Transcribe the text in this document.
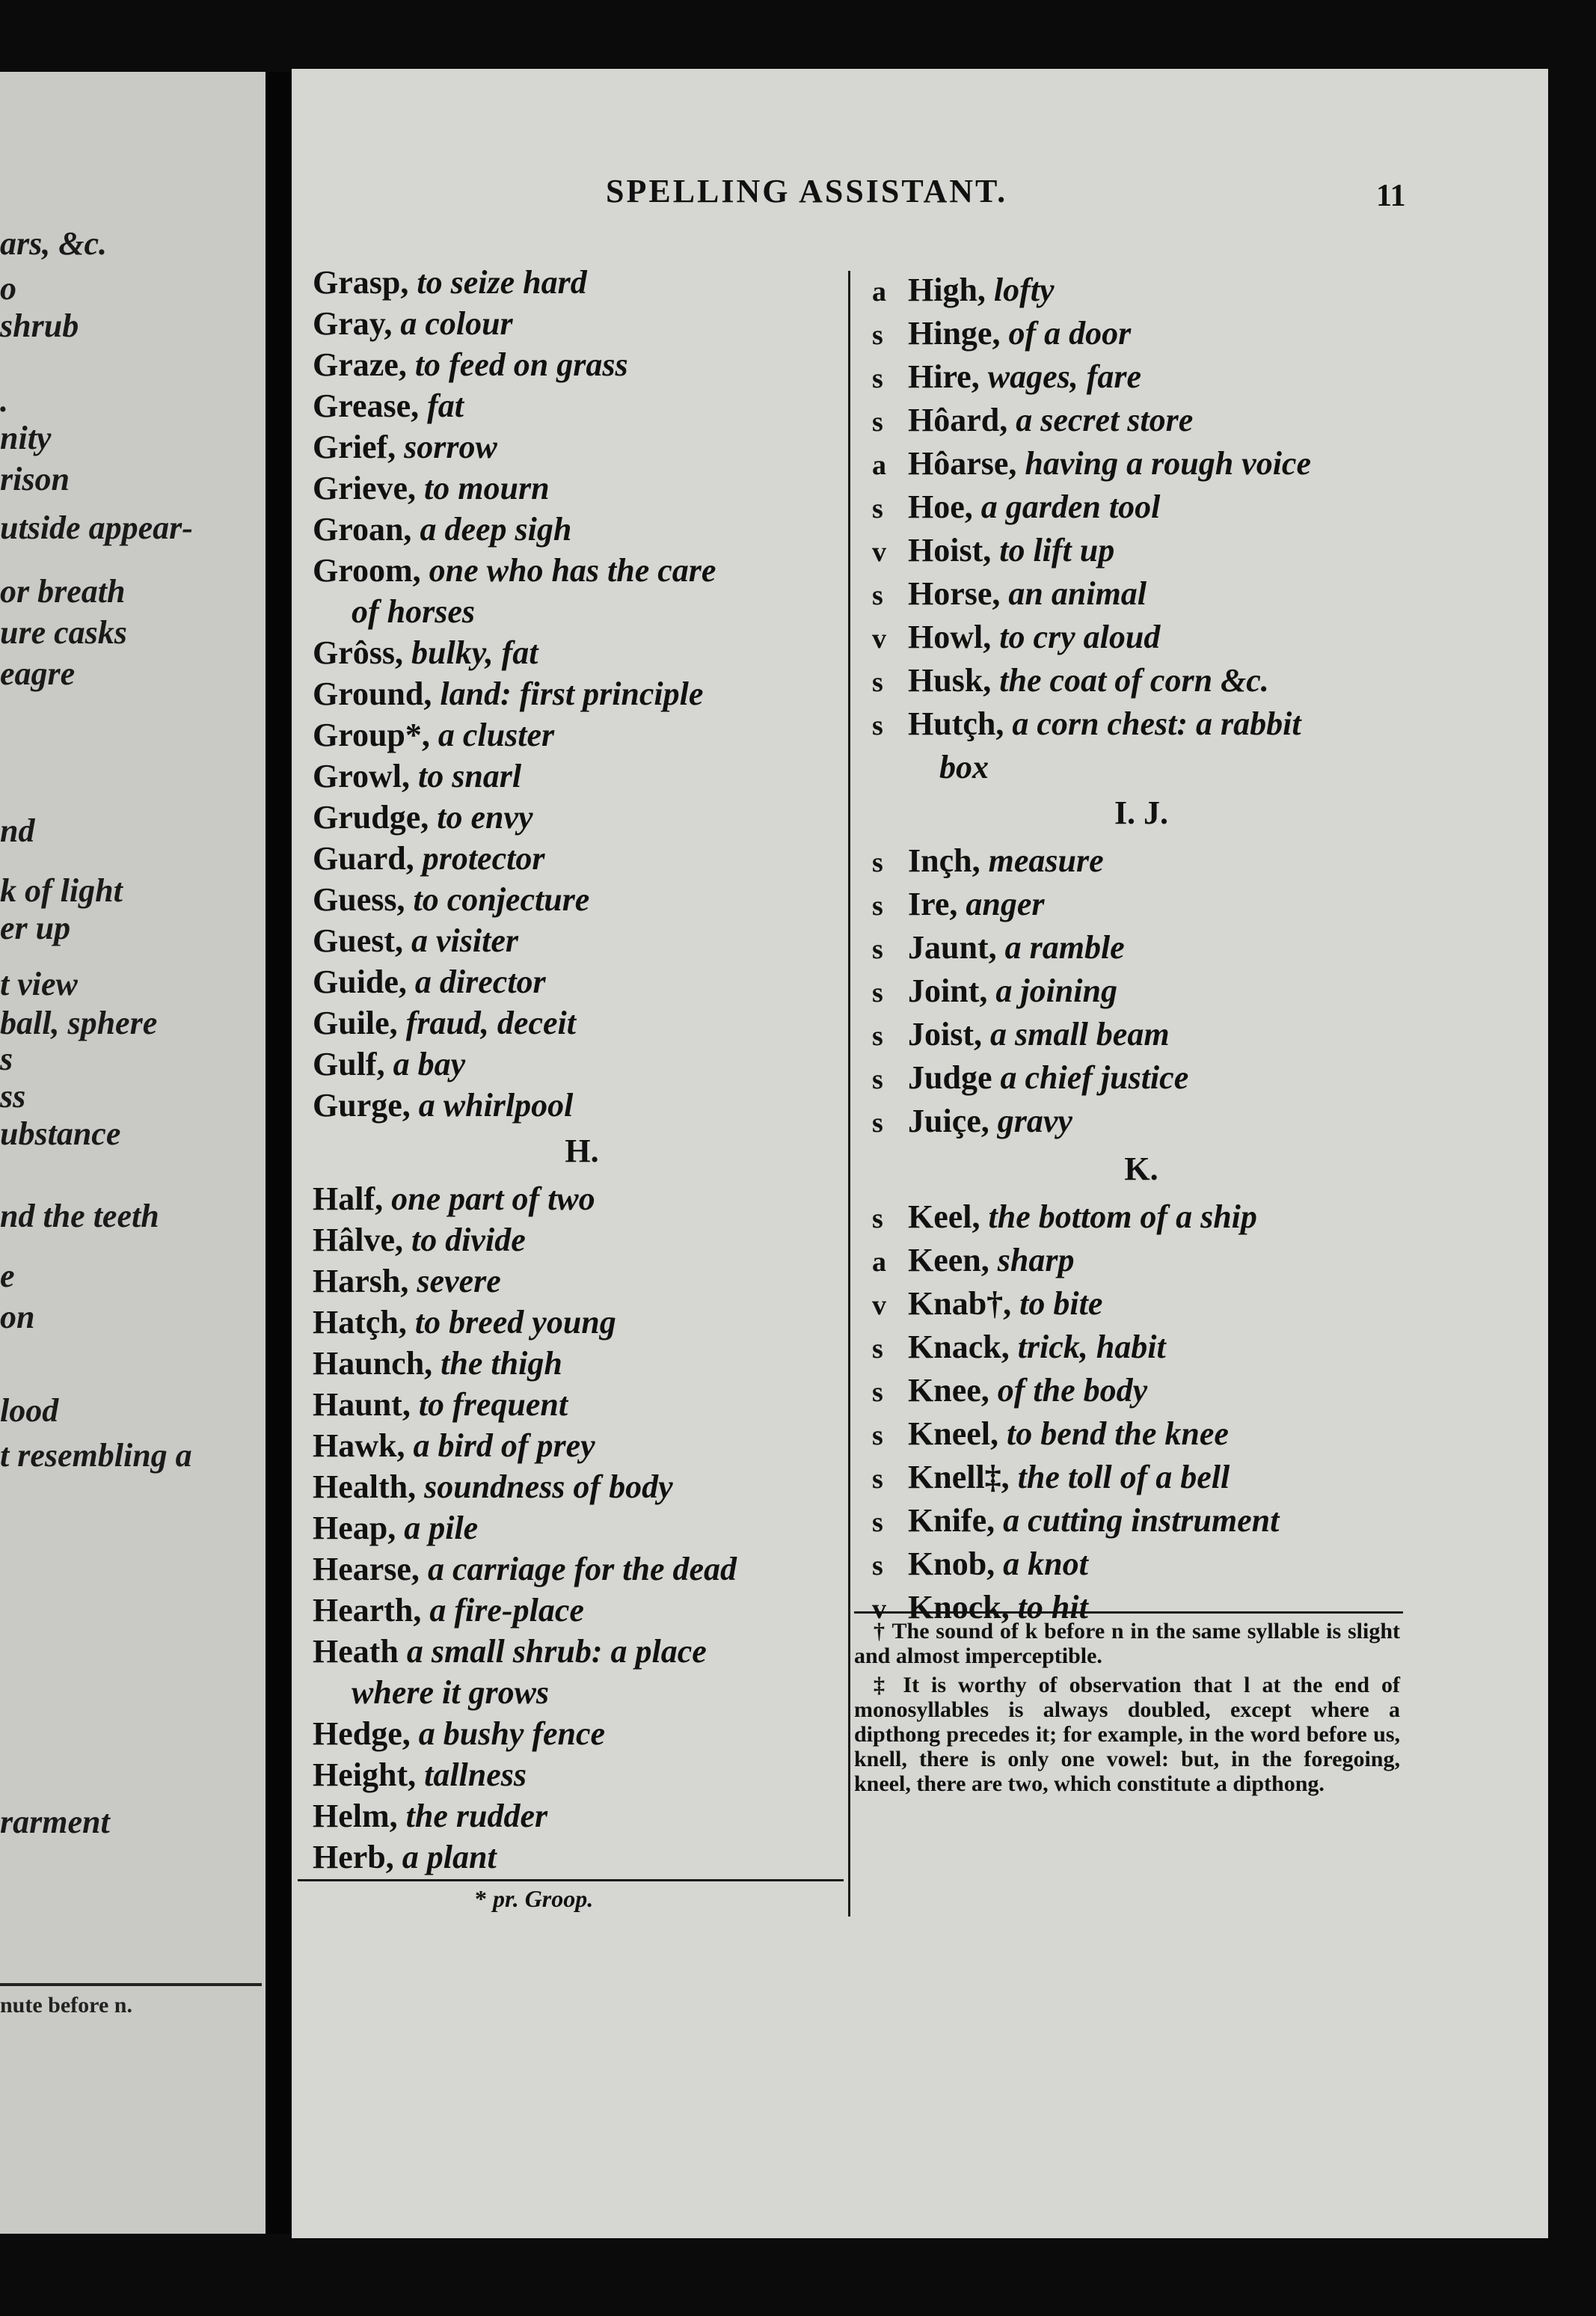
ars, &c.
o
shrub
.
nity
rison
utside appear-
or breath
ure casks
eagre
nd
k of light
er up
t view
ball, sphere
s
ss
ubstance
nd the teeth
e
on
lood
t resembling a
rarment
nute before n.
SPELLING ASSISTANT.	11
Grasp, to seize hard
Gray, a colour
Graze, to feed on grass
Grease, fat
Grief, sorrow
Grieve, to mourn
Groan, a deep sigh
Groom, one who has the care
of horses
Grôss, bulky, fat
Ground, land: first principle
Group*, a cluster
Growl, to snarl
Grudge, to envy
Guard, protector
Guess, to conjecture
Guest, a visiter
Guide, a director
Guile, fraud, deceit
Gulf, a bay
Gurge, a whirlpool
H.
Half, one part of two
Hâlve, to divide
Harsh, severe
Hatçh, to breed young
Haunch, the thigh
Haunt, to frequent
Hawk, a bird of prey
Health, soundness of body
Heap, a pile
Hearse, a carriage for the dead
Hearth, a fire-place
Heath a small shrub: a place
where it grows
Hedge, a bushy fence
Height, tallness
Helm, the rudder
Herb, a plant
* pr. Groop.
a High, lofty
s Hinge, of a door
s Hire, wages, fare
s Hôard, a secret store
a Hôarse, having a rough voice
s Hoe, a garden tool
v Hoist, to lift up
s Horse, an animal
v Howl, to cry aloud
s Husk, the coat of corn &c.
s Hutçh, a corn chest: a rabbit
box
I. J.
s Inçh, measure
s Ire, anger
s Jaunt, a ramble
s Joint, a joining
s Joist, a small beam
s Judge a chief justice
s Juiçe, gravy
K.
s Keel, the bottom of a ship
a Keen, sharp
v Knab†, to bite
s Knack, trick, habit
s Knee, of the body
s Kneel, to bend the knee
s Knell‡, the toll of a bell
s Knife, a cutting instrument
s Knob, a knot
v Knock, to hit

† The sound of k before n in the same syllable is slight and almost imperceptible.

‡ It is worthy of observation that l at the end of monosyllables is always doubled, except where a dipthong precedes it; for example, in the word before us, knell, there is only one vowel: but, in the foregoing, kneel, there are two, which constitute a dipthong.
